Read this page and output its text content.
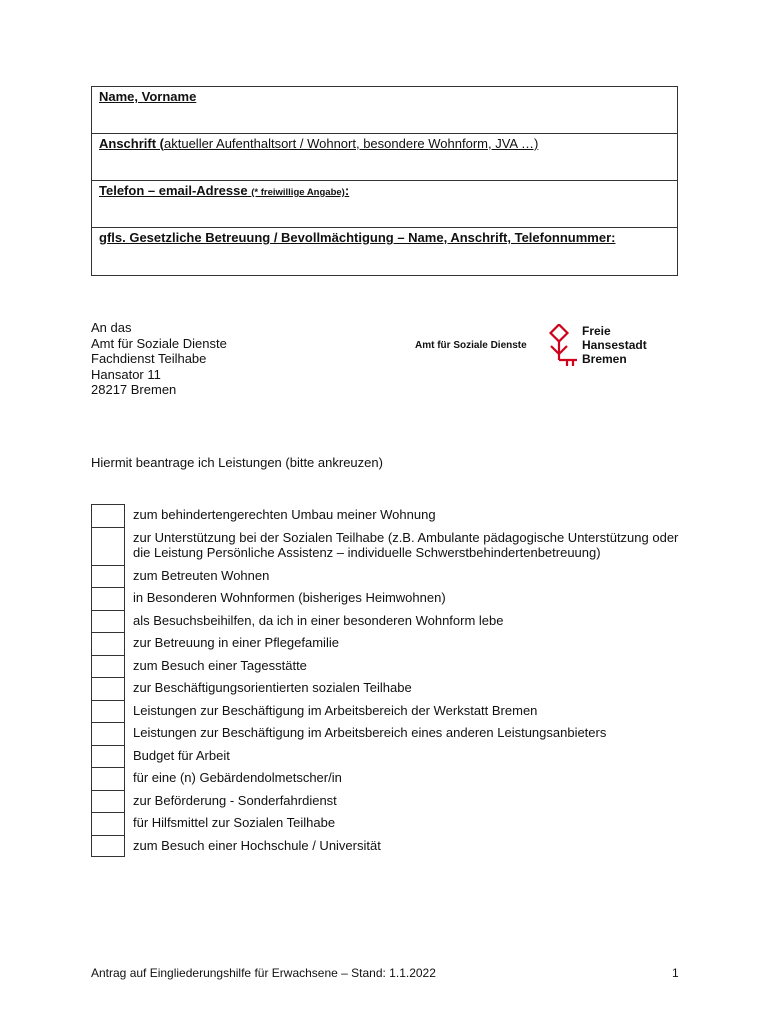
Name, Vorname
Anschrift (aktueller Aufenthaltsort / Wohnort, besondere Wohnform, JVA …)
Telefon – email-Adresse (* freiwillige Angabe):
gfls. Gesetzliche Betreuung / Bevollmächtigung – Name, Anschrift, Telefonnummer:
An das
Amt für Soziale Dienste
Fachdienst Teilhabe
Hansator 11
28217 Bremen
Amt für Soziale Dienste
Freie
Hansestadt
Bremen
Hiermit beantrage ich Leistungen (bitte ankreuzen)
zum behindertengerechten Umbau meiner Wohnung
zur Unterstützung bei der Sozialen Teilhabe (z.B. Ambulante pädagogische Unterstützung oder die Leistung Persönliche Assistenz – individuelle Schwerstbehindertenbetreuung)
zum Betreuten Wohnen
in Besonderen Wohnformen (bisheriges Heimwohnen)
als Besuchsbeihilfen, da ich in einer besonderen Wohnform lebe
zur Betreuung in einer Pflegefamilie
zum Besuch einer Tagesstätte
zur Beschäftigungsorientierten sozialen Teilhabe
Leistungen zur Beschäftigung im Arbeitsbereich der Werkstatt Bremen
Leistungen zur Beschäftigung im Arbeitsbereich eines anderen Leistungsanbieters
Budget für Arbeit
für eine (n) Gebärdendolmetscher/in
zur Beförderung - Sonderfahrdienst
für Hilfsmittel zur Sozialen Teilhabe
zum Besuch einer Hochschule / Universität
Antrag auf Eingliederungshilfe für Erwachsene – Stand: 1.1.2022	1
